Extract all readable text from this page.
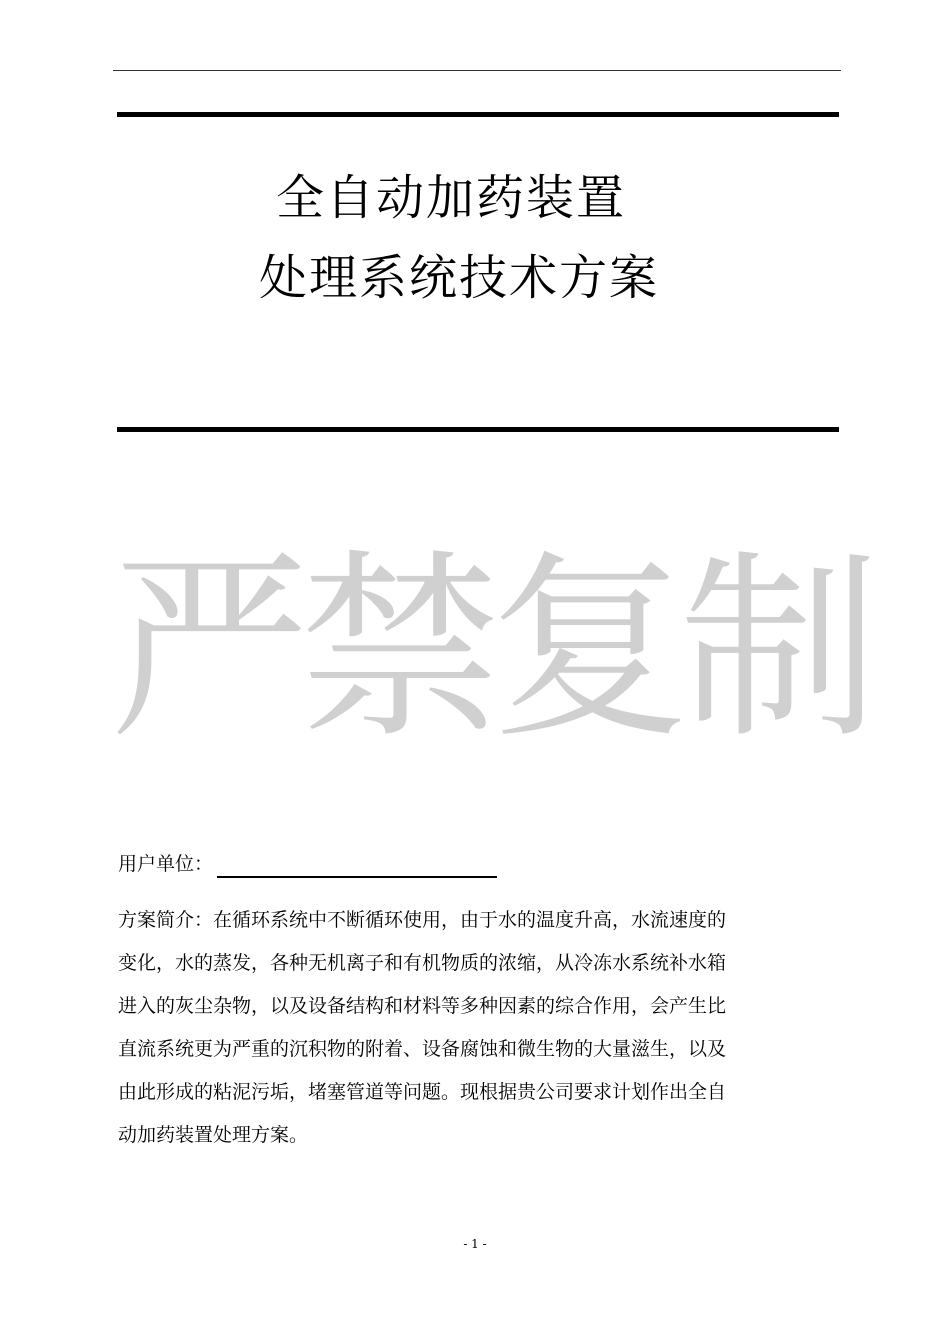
全自动加药装置
处理系统技术方案
严禁复制
用户单位：
方案简介：在循环系统中不断循环使用，由于水的温度升高，水流速度的
变化，水的蒸发，各种无机离子和有机物质的浓缩，从冷冻水系统补水箱
进入的灰尘杂物，以及设备结构和材料等多种因素的综合作用，会产生比
直流系统更为严重的沉积物的附着、设备腐蚀和微生物的大量滋生，以及
由此形成的粘泥污垢，堵塞管道等问题。现根据贵公司要求计划作出全自
动加药装置处理方案。
- 1 -
